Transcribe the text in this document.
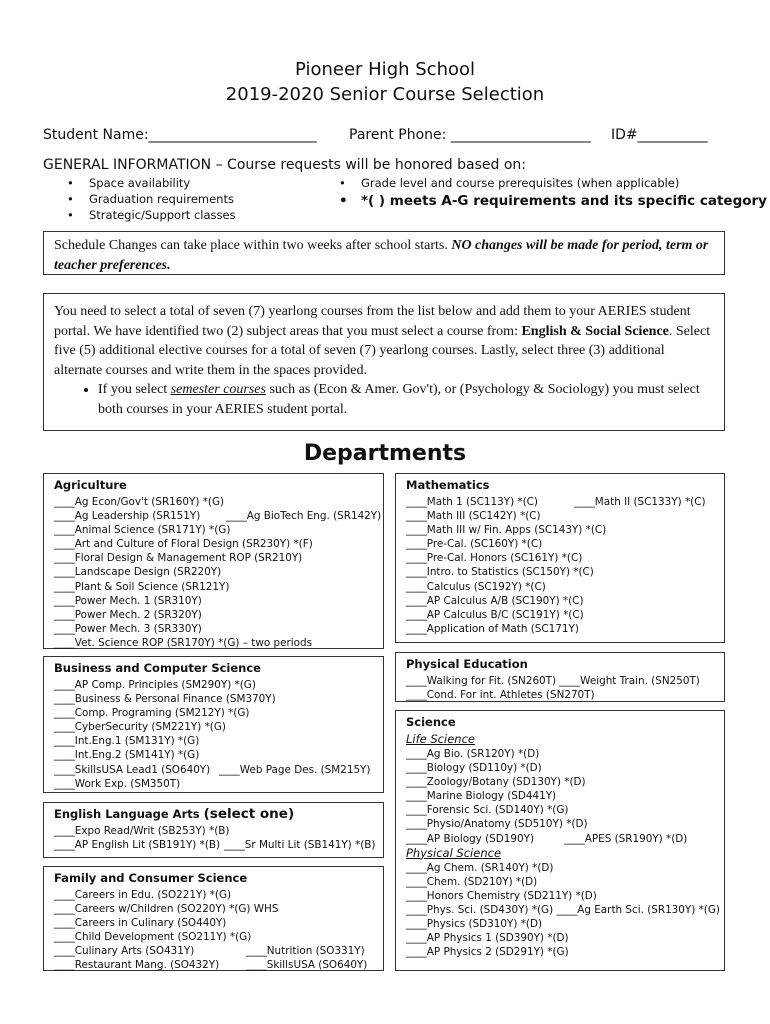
Pioneer High School
2019-2020 Senior Course Selection
Student Name:________________________ Parent Phone: ____________________ ID#__________
GENERAL INFORMATION – Course requests will be honored based on:
• Space availability
• Graduation requirements
• Strategic/Support classes
• Grade level and course prerequisites (when applicable)
• *( ) meets A-G requirements and its specific category
Schedule Changes can take place within two weeks after school starts. NO changes will be made for period, term or teacher preferences.
You need to select a total of seven (7) yearlong courses from the list below and add them to your AERIES student portal. We have identified two (2) subject areas that you must select a course from: English & Social Science. Select five (5) additional elective courses for a total of seven (7) yearlong courses. Lastly, select three (3) additional alternate courses and write them in the spaces provided.
• If you select semester courses such as (Econ & Amer. Gov't), or (Psychology & Sociology) you must select both courses in your AERIES student portal.
Departments
Agriculture
____Ag Econ/Gov't (SR160Y) *(G)
____Ag Leadership (SR151Y) ____Ag BioTech Eng. (SR142Y)
____Animal Science (SR171Y) *(G)
____Art and Culture of Floral Design (SR230Y) *(F)
____Floral Design & Management ROP (SR210Y)
____Landscape Design (SR220Y)
____Plant & Soil Science (SR121Y)
____Power Mech. 1 (SR310Y)
____Power Mech. 2 (SR320Y)
____Power Mech. 3 (SR330Y)
____Vet. Science ROP (SR170Y) *(G) – two periods
Business and Computer Science
____AP Comp. Principles (SM290Y) *(G)
____Business & Personal Finance (SM370Y)
____Comp. Programing (SM212Y) *(G)
____CyberSecurity (SM221Y) *(G)
____Int.Eng.1 (SM131Y) *(G)
____Int.Eng.2 (SM141Y) *(G)
____SkillsUSA Lead1 (SO640Y) ____Web Page Des. (SM215Y)
____Work Exp. (SM350T)
English Language Arts (select one)
____Expo Read/Writ (SB253Y) *(B)
____AP English Lit (SB191Y) *(B) ____Sr Multi Lit (SB141Y) *(B)
Family and Consumer Science
____Careers in Edu. (SO221Y) *(G)
____Careers w/Children (SO220Y) *(G) WHS
____Careers in Culinary (SO440Y)
____Child Development (SO211Y) *(G)
____Culinary Arts (SO431Y)	____Nutrition (SO331Y)
____Restaurant Mang. (SO432Y)	____SkillsUSA (SO640Y)
Mathematics
____Math 1 (SC113Y) *(C)	____Math II (SC133Y) *(C)
____Math III (SC142Y) *(C)
____Math III w/ Fin. Apps (SC143Y) *(C)
____Pre-Cal. (SC160Y) *(C)
____Pre-Cal. Honors (SC161Y) *(C)
____Intro. to Statistics (SC150Y) *(C)
____Calculus (SC192Y) *(C)
____AP Calculus A/B (SC190Y) *(C)
____AP Calculus B/C (SC191Y) *(C)
____Application of Math (SC171Y)
Physical Education
____Walking for Fit. (SN260T) ____Weight Train. (SN250T)
____Cond. For int. Athletes (SN270T)
Science
Life Science
____Ag Bio. (SR120Y) *(D)
____Biology (SD110y) *(D)
____Zoology/Botany (SD130Y) *(D)
____Marine Biology (SD441Y)
____Forensic Sci. (SD140Y) *(G)
____Physio/Anatomy (SD510Y) *(D)
____AP Biology (SD190Y)	____APES (SR190Y) *(D)
Physical Science
____Ag Chem. (SR140Y) *(D)
____Chem. (SD210Y) *(D)
____Honors Chemistry (SD211Y) *(D)
____Phys. Sci. (SD430Y) *(G) ____Ag Earth Sci. (SR130Y) *(G)
____Physics (SD310Y) *(D)
____AP Physics 1 (SD390Y) *(D)
____AP Physics 2 (SD291Y) *(G)
